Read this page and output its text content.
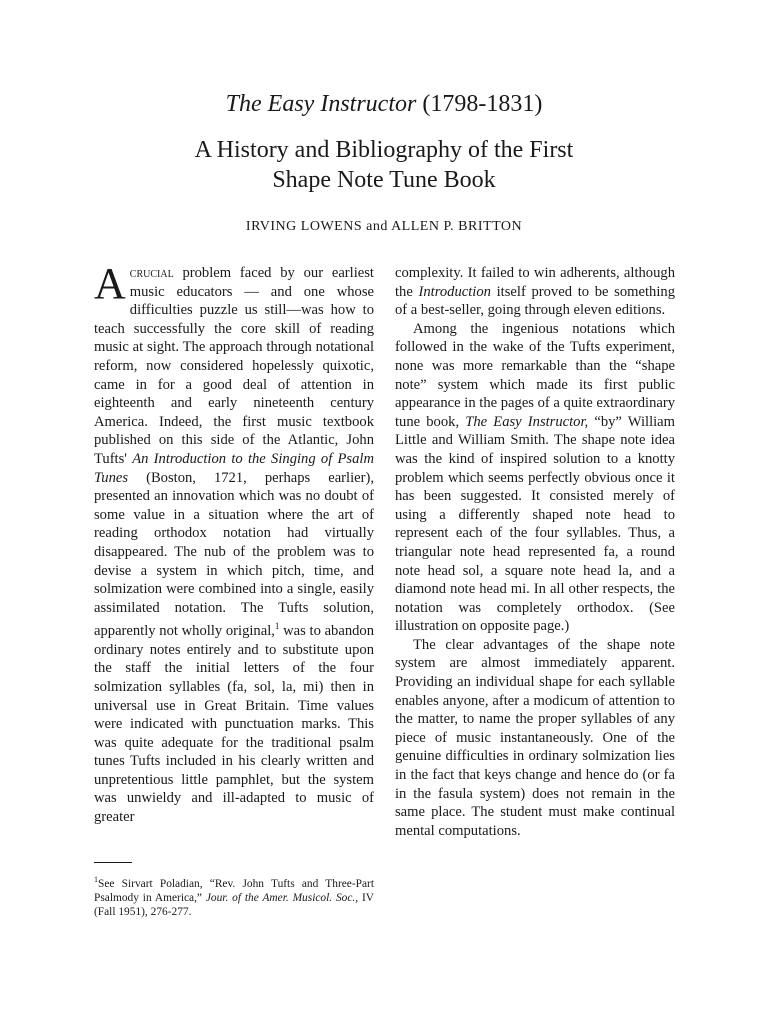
The Easy Instructor (1798-1831)
A History and Bibliography of the First
Shape Note Tune Book
IRVING LOWENS and ALLEN P. BRITTON

Acrucial problem faced by our earliest music educators — and one whose difficulties puzzle us still—was how to teach successfully the core skill of reading music at sight. The approach through notational reform, now considered hopelessly quixotic, came in for a good deal of attention in eighteenth and early nineteenth century America. Indeed, the first music textbook published on this side of the Atlantic, John Tufts' An Introduction to the Singing of Psalm Tunes (Boston, 1721, perhaps earlier), presented an innovation which was no doubt of some value in a situation where the art of reading orthodox notation had virtually disappeared. The nub of the problem was to devise a system in which pitch, time, and solmization were combined into a single, easily assimilated notation. The Tufts solution, apparently not wholly original,$^1$ was to abandon ordinary notes entirely and to substitute upon the staff the initial letters of the four solmization syllables (fa, sol, la, mi) then in universal use in Great Britain. Time values were indicated with punctuation marks. This was quite adequate for the traditional psalm tunes Tufts included in his clearly written and unpretentious little pamphlet, but the system was unwieldy and ill-adapted to music of greater

complexity. It failed to win adherents, although the Introduction itself proved to be something of a best-seller, going through eleven editions.

Among the ingenious notations which followed in the wake of the Tufts experiment, none was more remarkable than the “shape note” system which made its first public appearance in the pages of a quite extraordinary tune book, The Easy Instructor, “by” William Little and William Smith. The shape note idea was the kind of inspired solution to a knotty problem which seems perfectly obvious once it has been suggested. It consisted merely of using a differently shaped note head to represent each of the four syllables. Thus, a triangular note head represented fa, a round note head sol, a square note head la, and a diamond note head mi. In all other respects, the notation was completely orthodox. (See illustration on opposite page.)

The clear advantages of the shape note system are almost immediately apparent. Providing an individual shape for each syllable enables anyone, after a modicum of attention to the matter, to name the proper syllables of any piece of music instantaneously. One of the genuine difficulties in ordinary solmization lies in the fact that keys change and hence do (or fa in the fasula system) does not remain in the same place. The student must make continual mental computations.

$^1$See Sirvart Poladian, “Rev. John Tufts and Three-Part Psalmody in America,” Jour. of the Amer. Musicol. Soc., IV (Fall 1951), 276-277.
